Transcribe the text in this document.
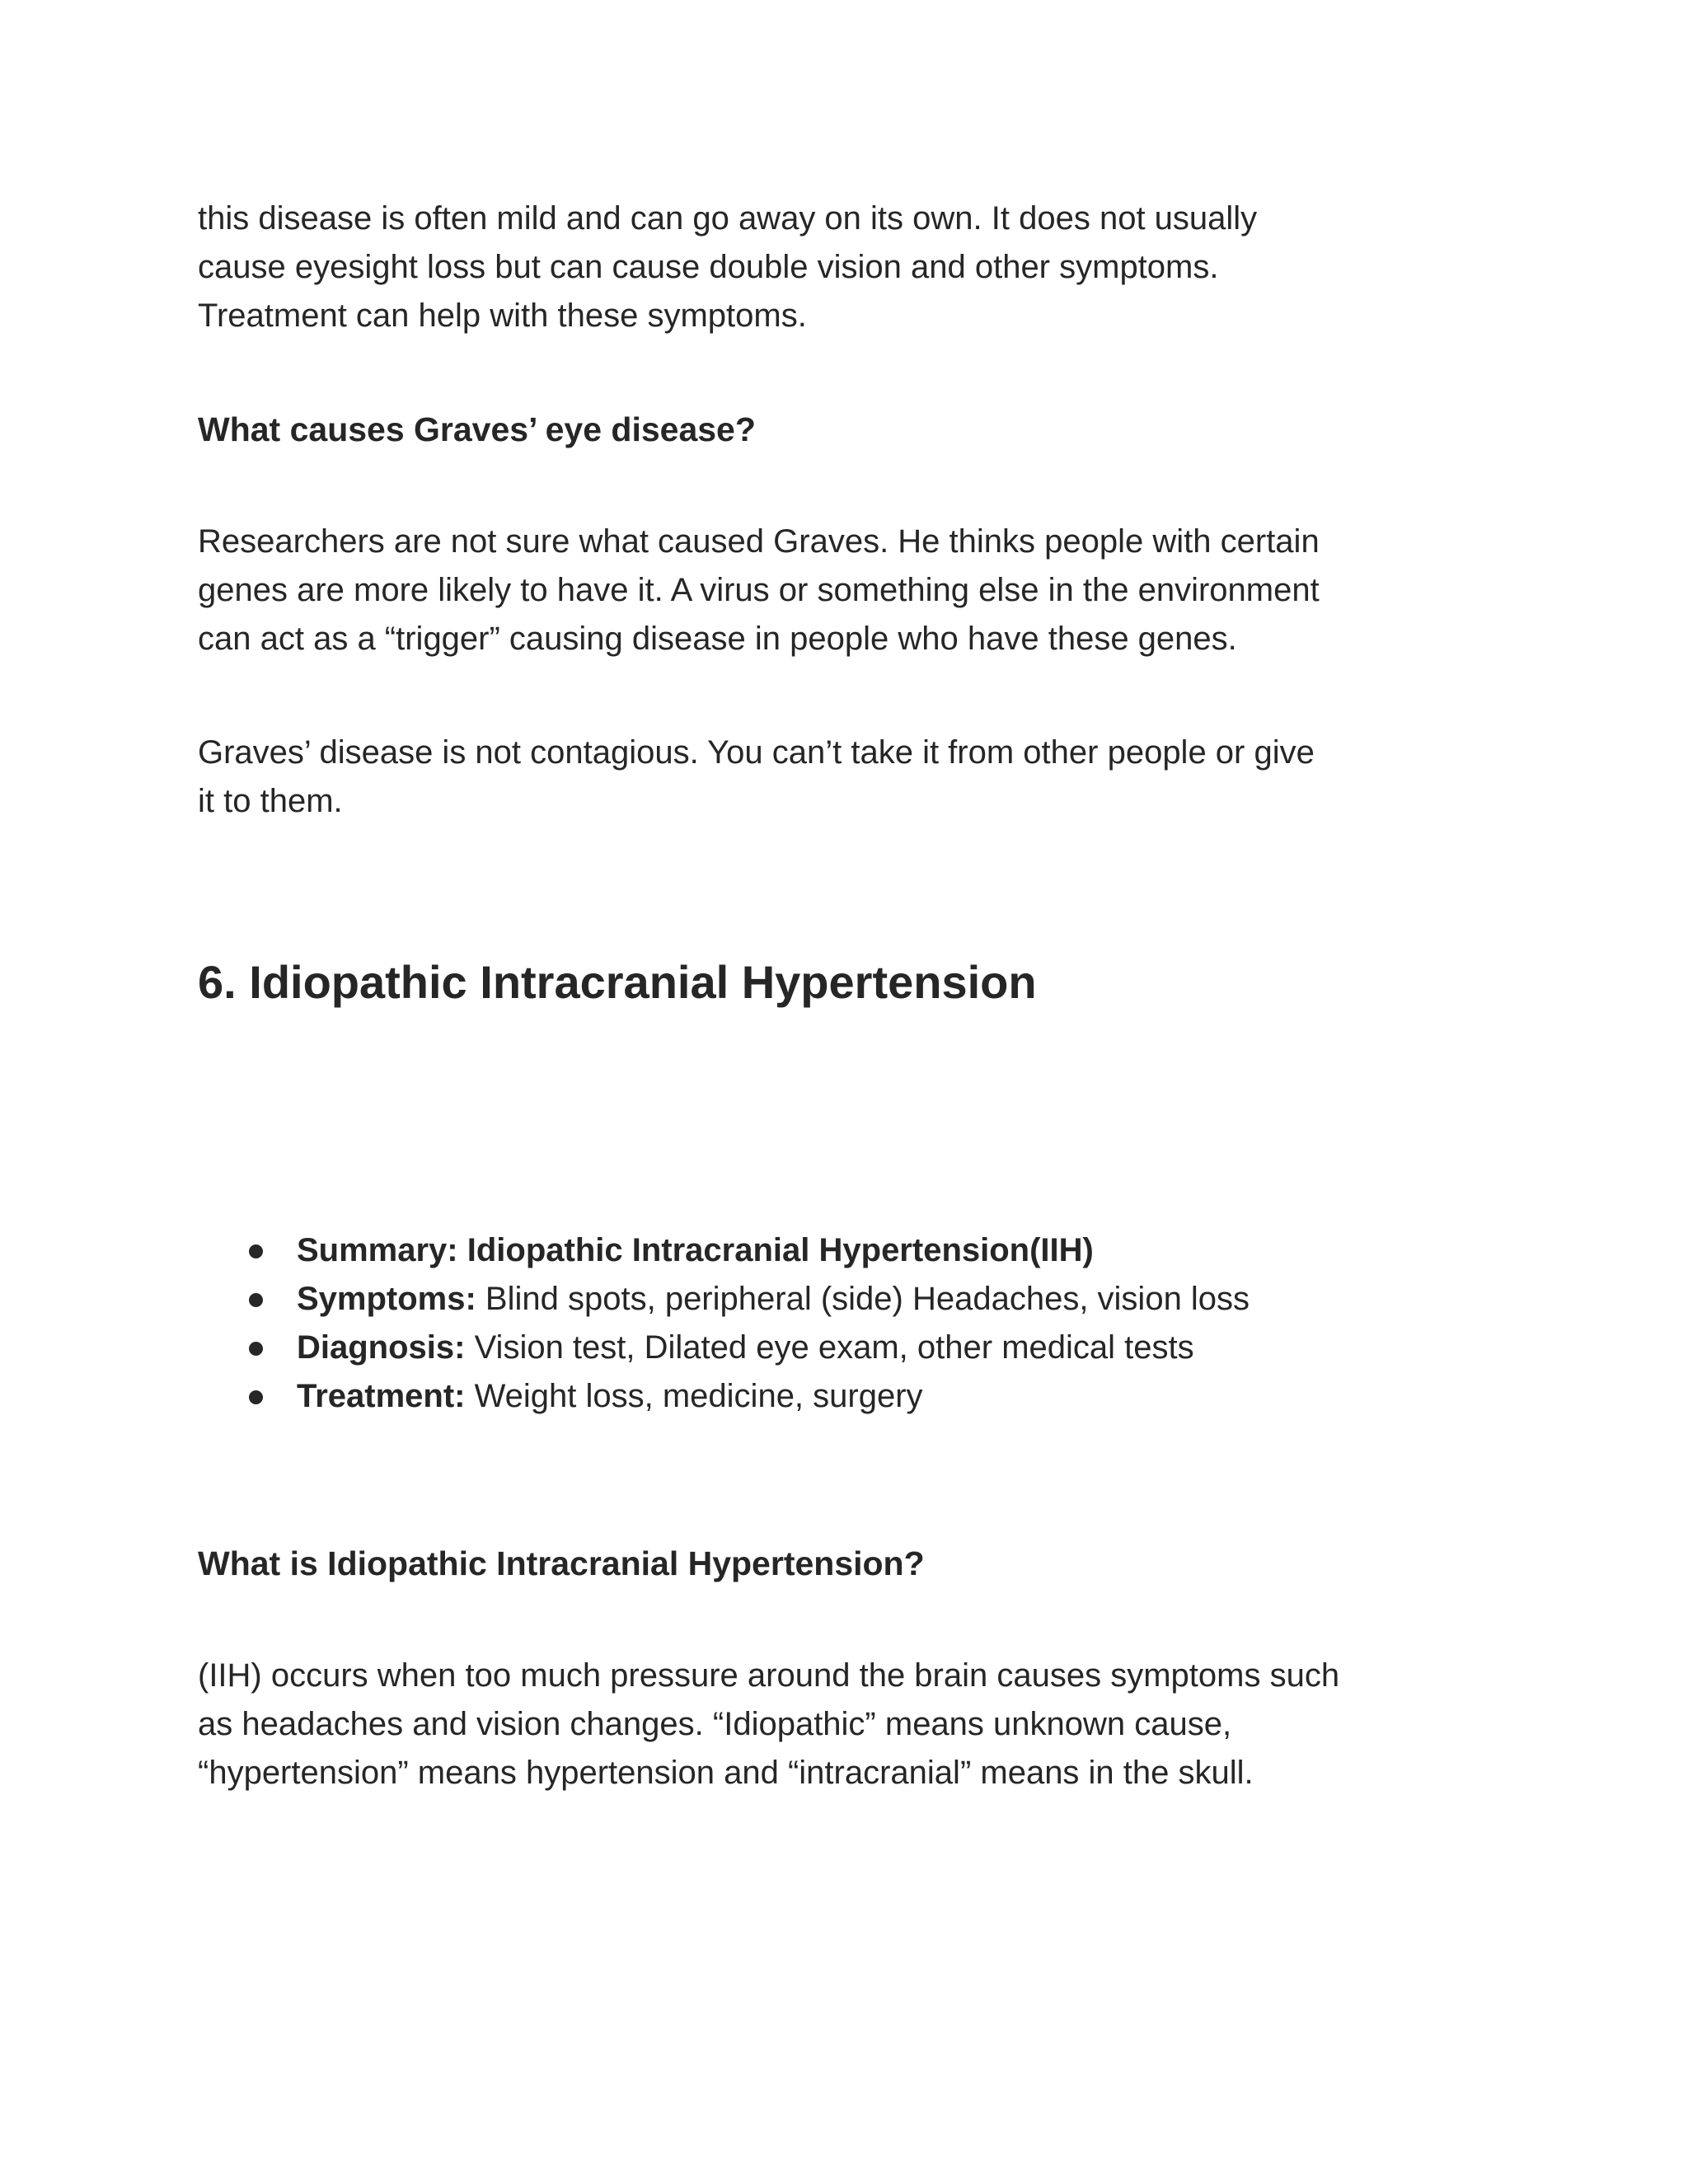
this disease is often mild and can go away on its own. It does not usually
cause eyesight loss but can cause double vision and other symptoms.
Treatment can help with these symptoms.

What causes Graves’ eye disease?

Researchers are not sure what caused Graves. He thinks people with certain
genes are more likely to have it. A virus or something else in the environment
can act as a “trigger” causing disease in people who have these genes.

Graves’ disease is not contagious. You can’t take it from other people or give
it to them.

6. Idiopathic Intracranial Hypertension
Summary: Idiopathic Intracranial Hypertension(IIH)
Symptoms: Blind spots, peripheral (side) Headaches, vision loss
Diagnosis: Vision test, Dilated eye exam, other medical tests
Treatment: Weight loss, medicine, surgery
What is Idiopathic Intracranial Hypertension?

(IIH) occurs when too much pressure around the brain causes symptoms such
as headaches and vision changes. “Idiopathic” means unknown cause,
“hypertension” means hypertension and “intracranial” means in the skull.
